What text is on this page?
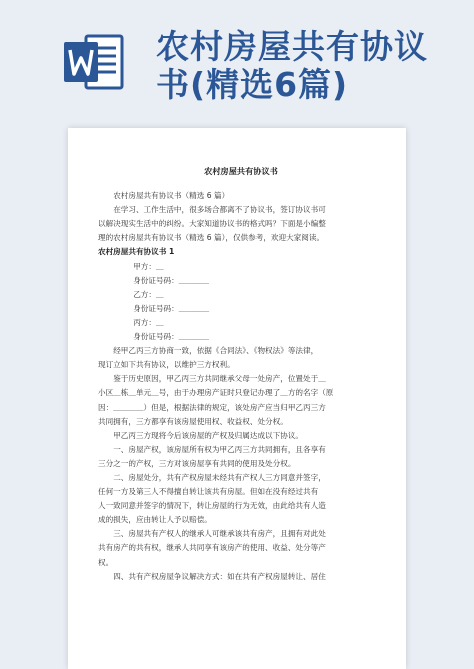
农村房屋共有协议
书(精选6篇)
农村房屋共有协议书

农村房屋共有协议书（精选 6 篇）

在学习、工作生活中，很多场合都离不了协议书，签订协议书可

以解决现实生活中的纠纷。大家知道协议书的格式吗？下面是小编整

理的农村房屋共有协议书（精选 6 篇），仅供参考，欢迎大家阅读。

农村房屋共有协议书 1

甲方：＿

身份证号码：＿＿＿＿

乙方：＿

身份证号码：＿＿＿＿

丙方：＿

身份证号码：＿＿＿＿

经甲乙丙三方协商一致，依据《合同法》、《物权法》等法律，

现订立如下共有协议，以维护三方权利。

鉴于历史原因，甲乙丙三方共同继承父母一处房产，位置处于＿

小区＿栋＿单元＿号，由于办理房产证时只登记办理了＿方的名字（原

因：＿＿＿＿）但是，根据法律的规定，该处房产应当归甲乙丙三方

共同拥有，三方都享有该房屋使用权、收益权、处分权。

甲乙丙三方现将今后该房屋的产权及归属达成以下协议。

一、房屋产权，该房屋所有权为甲乙丙三方共同拥有，且各享有

三分之一的产权，三方对该房屋享有共同的使用及处分权。

二、房屋处分，共有产权房屋未经共有产权人三方同意并签字，

任何一方及第三人不得擅自转让该共有房屋。但如在没有经过共有

人一致同意并签字的情况下，转让房屋的行为无效，由此给共有人造

成的损失，应由转让人予以赔偿。

三、房屋共有产权人的继承人可继承该共有房产，且拥有对此处

共有房产的共有权，继承人共同享有该房产的使用、收益、处分等产

权。

四、共有产权房屋争议解决方式：如在共有产权房屋转让、居住
